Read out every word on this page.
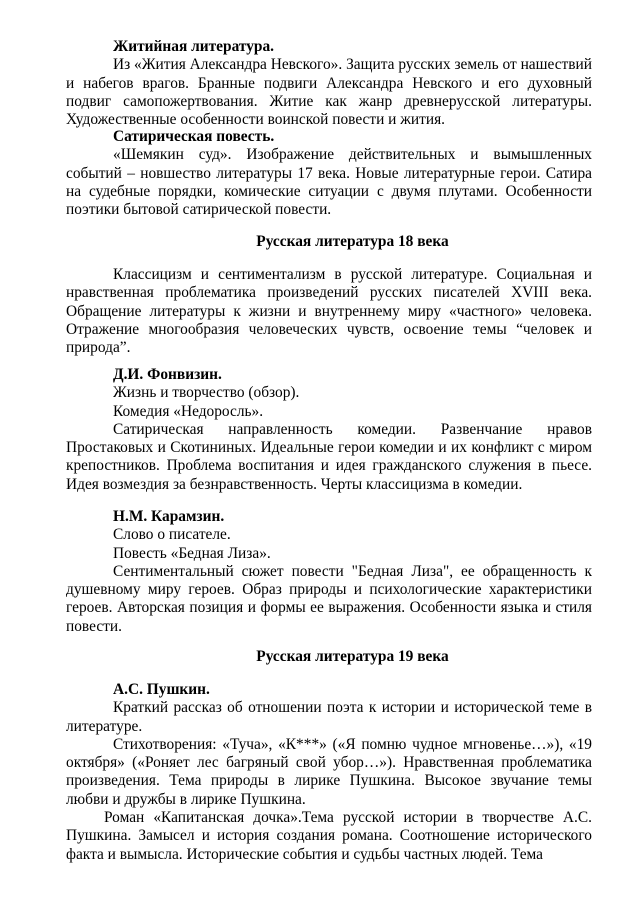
Житийная литература.

Из «Жития Александра Невского». Защита русских земель от нашествий и набегов врагов. Бранные подвиги Александра Невского и его духовный подвиг самопожертвования. Житие как жанр древнерусской литературы. Художественные особенности воинской повести и жития.

Сатирическая повесть.

«Шемякин суд». Изображение действительных и вымышленных событий – новшество литературы 17 века. Новые литературные герои. Сатира на судебные порядки, комические ситуации с двумя плутами. Особенности поэтики бытовой сатирической повести.

Русская литература 18 века

Классицизм и сентиментализм в русской литературе. Социальная и нравственная проблематика произведений русских писателей XVIII века. Обращение литературы к жизни и внутреннему миру «частного» человека. Отражение многообразия человеческих чувств, освоение темы “человек и природа”.

Д.И. Фонвизин.

Жизнь и творчество (обзор).

Комедия «Недоросль».

Сатирическая направленность комедии. Развенчание нравов Простаковых и Скотининых. Идеальные герои комедии и их конфликт с миром крепостников. Проблема воспитания и идея гражданского служения в пьесе. Идея возмездия за безнравственность. Черты классицизма в комедии.

Н.М. Карамзин.

Слово о писателе.

Повесть «Бедная Лиза».

Сентиментальный сюжет повести "Бедная Лиза", ее обращенность к душевному миру героев. Образ природы и психологические характеристики героев. Авторская позиция и формы ее выражения. Особенности языка и стиля повести.

Русская литература 19 века

А.С. Пушкин.

Краткий рассказ об отношении поэта к истории и исторической теме в литературе.

Стихотворения: «Туча», «К***» («Я помню чудное мгновенье…»), «19 октября» («Роняет лес багряный свой убор…»). Нравственная проблематика произведения. Тема природы в лирике Пушкина. Высокое звучание темы любви и дружбы в лирике Пушкина.

Роман «Капитанская дочка».Тема русской истории в творчестве А.С. Пушкина. Замысел и история создания романа. Соотношение исторического факта и вымысла. Исторические события и судьбы частных людей. Тема
